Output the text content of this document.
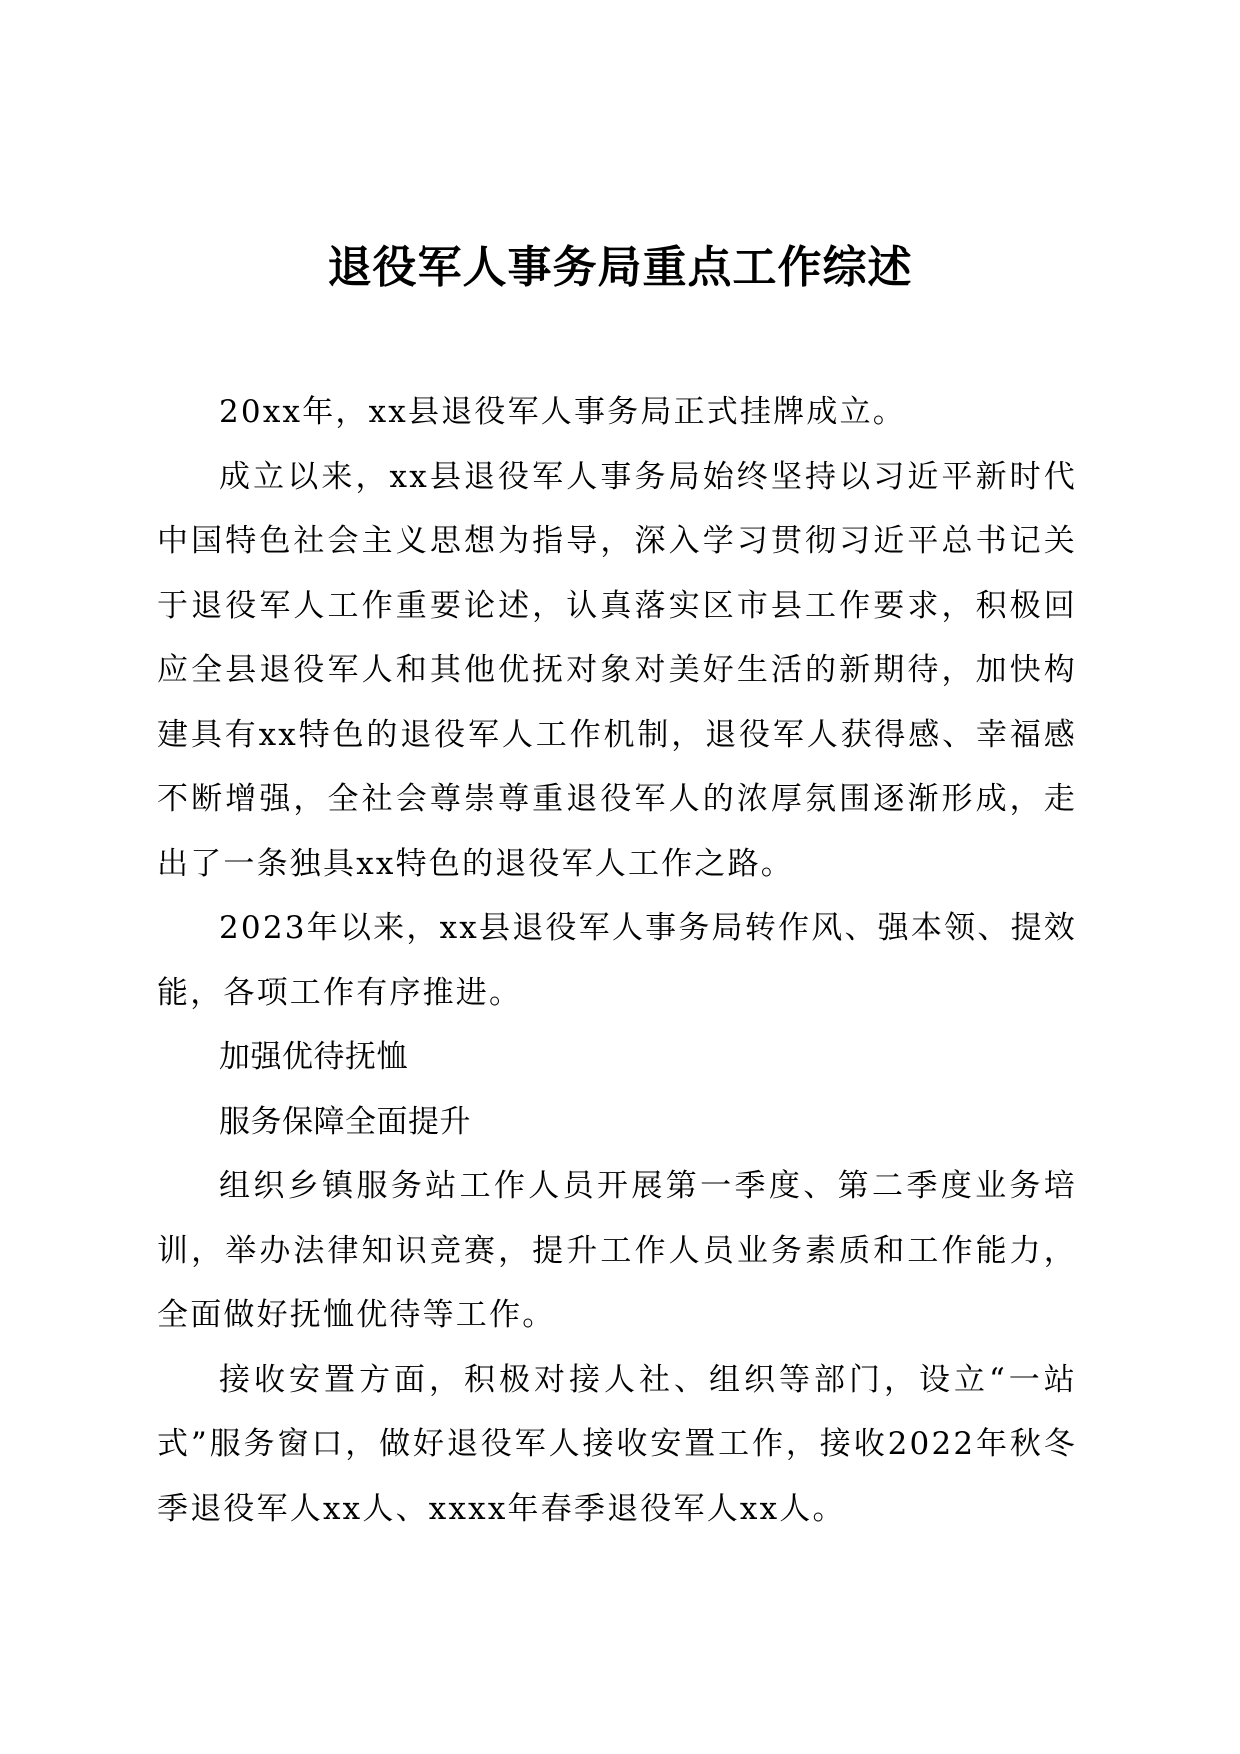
退役军人事务局重点工作综述

20xx年，xx县退役军人事务局正式挂牌成立。

成立以来，xx县退役军人事务局始终坚持以习近平新时代中国特色社会主义思想为指导，深入学习贯彻习近平总书记关于退役军人工作重要论述，认真落实区市县工作要求，积极回应全县退役军人和其他优抚对象对美好生活的新期待，加快构建具有xx特色的退役军人工作机制，退役军人获得感、幸福感不断增强，全社会尊崇尊重退役军人的浓厚氛围逐渐形成，走出了一条独具xx特色的退役军人工作之路。

2023年以来，xx县退役军人事务局转作风、强本领、提效能，各项工作有序推进。

加强优待抚恤

服务保障全面提升

组织乡镇服务站工作人员开展第一季度、第二季度业务培训，举办法律知识竞赛，提升工作人员业务素质和工作能力，全面做好抚恤优待等工作。

接收安置方面，积极对接人社、组织等部门，设立“一站式”服务窗口，做好退役军人接收安置工作，接收2022年秋冬季退役军人xx人、xxxx年春季退役军人xx人。
